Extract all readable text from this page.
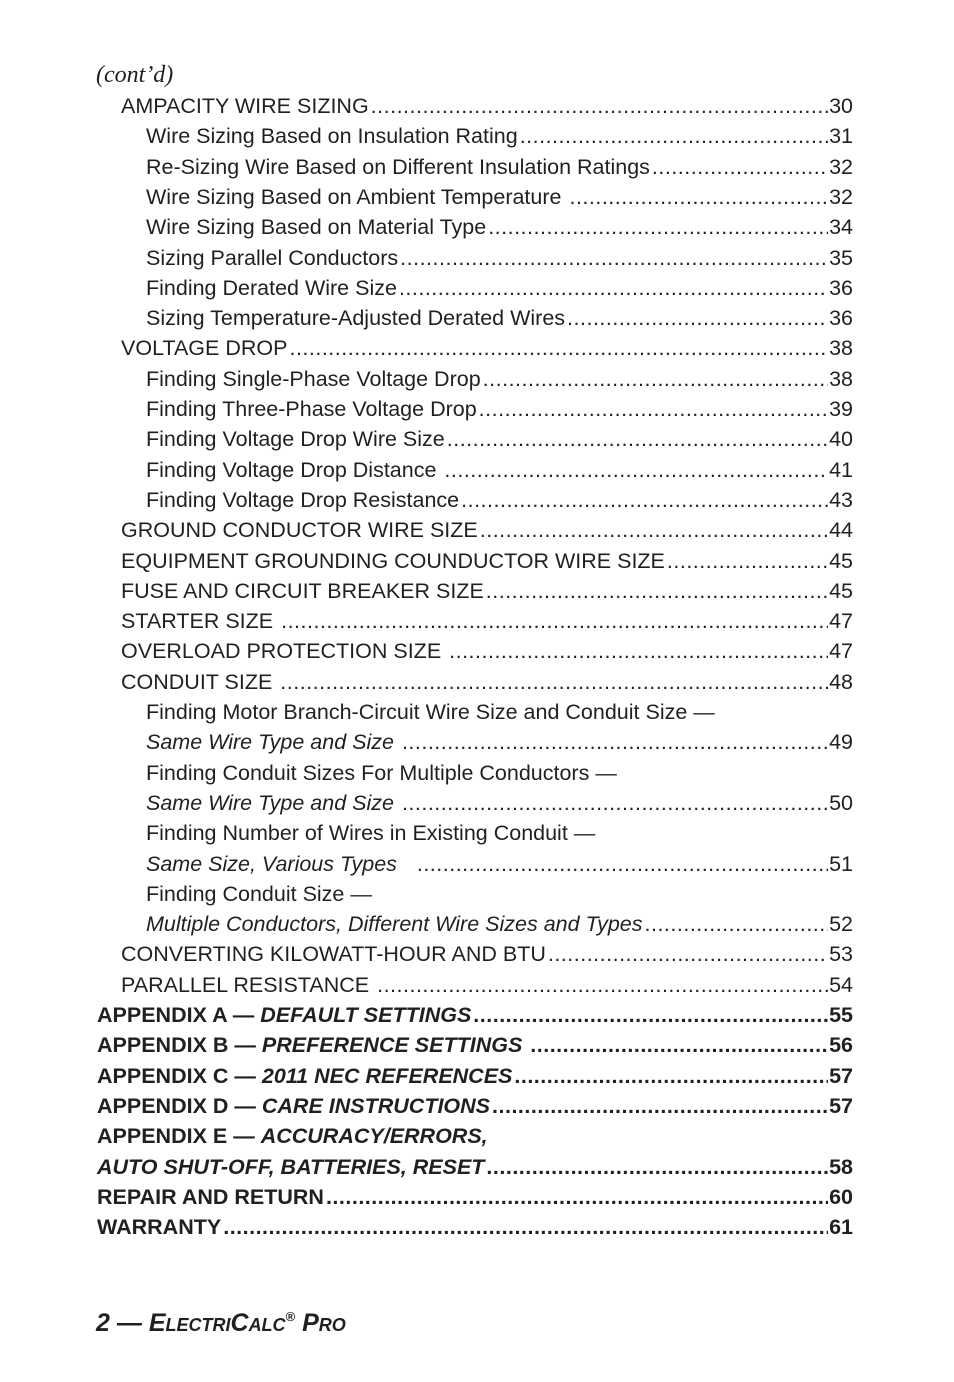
(cont’d)
AMPACITY WIRE SIZING .....	30
Wire Sizing Based on Insulation Rating .....	31
Re-Sizing Wire Based on Different Insulation Ratings .....	32
Wire Sizing Based on Ambient Temperature .....	32
Wire Sizing Based on Material Type .....	34
Sizing Parallel Conductors .....	35
Finding Derated Wire Size .....	36
Sizing Temperature-Adjusted Derated Wires .....	36
VOLTAGE DROP .....	38
Finding Single-Phase Voltage Drop .....	38
Finding Three-Phase Voltage Drop .....	39
Finding Voltage Drop Wire Size .....	40
Finding Voltage Drop Distance .....	41
Finding Voltage Drop Resistance .....	43
GROUND CONDUCTOR WIRE SIZE .....	44
EQUIPMENT GROUNDING COUNDUCTOR WIRE SIZE .....	45
FUSE AND CIRCUIT BREAKER SIZE .....	45
STARTER SIZE .....	47
OVERLOAD PROTECTION SIZE .....	47
CONDUIT SIZE .....	48
Finding Motor Branch-Circuit Wire Size and Conduit Size —
Same Wire Type and Size .....	49
Finding Conduit Sizes For Multiple Conductors —
Same Wire Type and Size .....	50
Finding Number of Wires in Existing Conduit —
Same Size, Various Types .....	51
Finding Conduit Size —
Multiple Conductors, Different Wire Sizes and Types .....	52
CONVERTING KILOWATT-HOUR AND BTU .....	53
PARALLEL RESISTANCE .....	54
APPENDIX A — DEFAULT SETTINGS .....	55
APPENDIX B — PREFERENCE SETTINGS .....	56
APPENDIX C — 2011 NEC REFERENCES .....	57
APPENDIX D — CARE INSTRUCTIONS .....	57
APPENDIX E — ACCURACY/ERRORS,
AUTO SHUT-OFF, BATTERIES, RESET .....	58
REPAIR AND RETURN .....	60
WARRANTY .....	61
2 — ELECTRICALC® PRO
